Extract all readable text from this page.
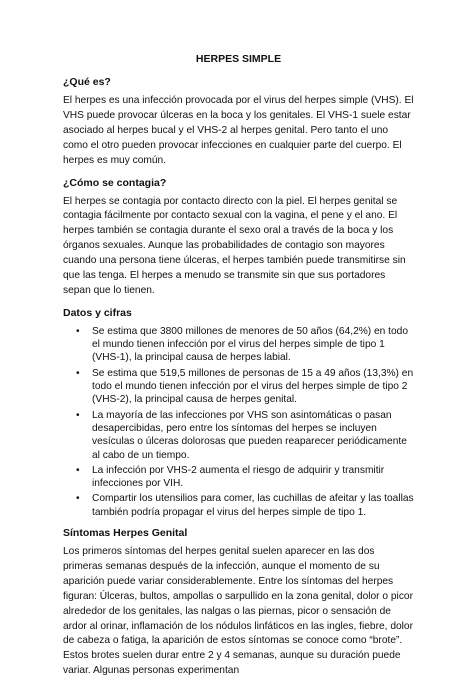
HERPES SIMPLE
¿Qué es?

El herpes es una infección provocada por el virus del herpes simple (VHS). El VHS puede provocar úlceras en la boca y los genitales. El VHS-1 suele estar asociado al herpes bucal y el VHS-2 al herpes genital. Pero tanto el uno como el otro pueden provocar infecciones en cualquier parte del cuerpo. El herpes es muy común.

¿Cómo se contagia?

El herpes se contagia por contacto directo con la piel. El herpes genital se contagia fácilmente por contacto sexual con la vagina, el pene y el ano. El herpes también se contagia durante el sexo oral a través de la boca y los órganos sexuales. Aunque las probabilidades de contagio son mayores cuando una persona tiene úlceras, el herpes también puede transmitirse sin que las tenga. El herpes a menudo se transmite sin que sus portadores sepan que lo tienen.

Datos y cifras
• Se estima que 3800 millones de menores de 50 años (64,2%) en todo el mundo tienen infección por el virus del herpes simple de tipo 1 (VHS-1), la principal causa de herpes labial.
• Se estima que 519,5 millones de personas de 15 a 49 años (13,3%) en todo el mundo tienen infección por el virus del herpes simple de tipo 2 (VHS-2), la principal causa de herpes genital.
• La mayoría de las infecciones por VHS son asintomáticas o pasan desapercibidas, pero entre los síntomas del herpes se incluyen vesículas o úlceras dolorosas que pueden reaparecer periódicamente al cabo de un tiempo.
• La infección por VHS-2 aumenta el riesgo de adquirir y transmitir infecciones por VIH.
• Compartir los utensilios para comer, las cuchillas de afeitar y las toallas también podría propagar el virus del herpes simple de tipo 1.
Síntomas Herpes Genital

Los primeros síntomas del herpes genital suelen aparecer en las dos primeras semanas después de la infección, aunque el momento de su aparición puede variar considerablemente. Entre los síntomas del herpes figuran: Úlceras, bultos, ampollas o sarpullido en la zona genital, dolor o picor alrededor de los genitales, las nalgas o las piernas, picor o sensación de ardor al orinar, inflamación de los nódulos linfáticos en las ingles, fiebre, dolor de cabeza o fatiga, la aparición de estos síntomas se conoce como “brote”. Estos brotes suelen durar entre 2 y 4 semanas, aunque su duración puede variar. Algunas personas experimentan
